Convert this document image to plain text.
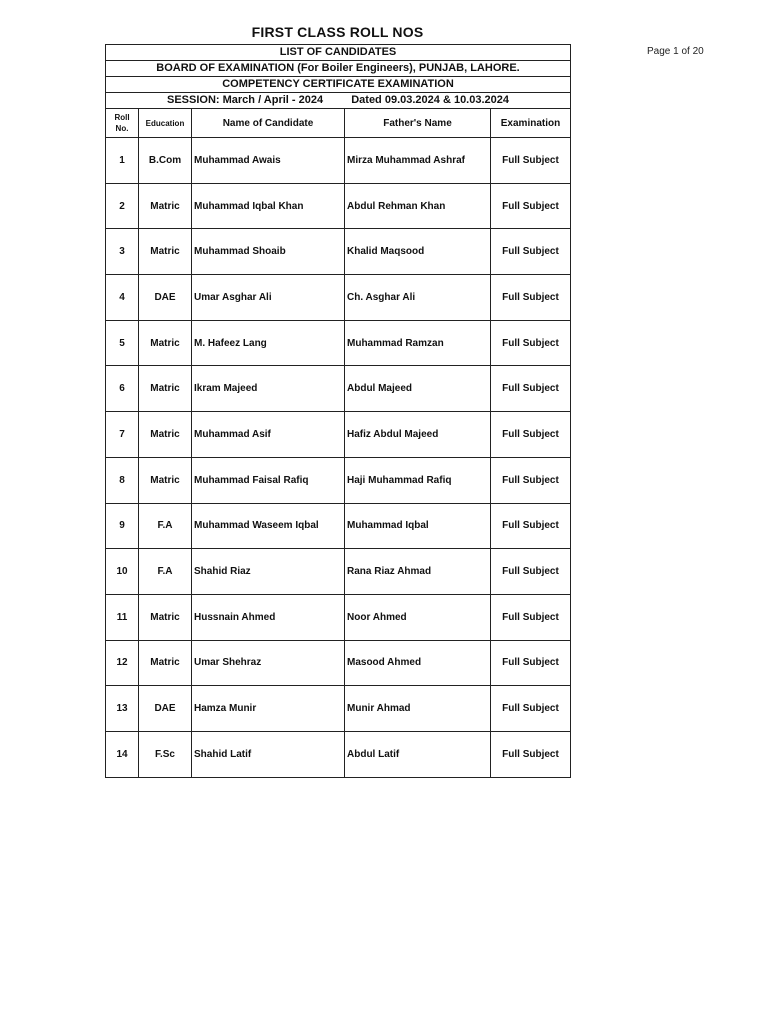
FIRST CLASS ROLL NOS
Page 1 of 20
LIST OF CANDIDATES				
BOARD OF EXAMINATION (For Boiler Engineers), PUNJAB, LAHORE.				
COMPETENCY CERTIFICATE EXAMINATION				
SESSION: March / April - 2024 Dated 09.03.2024 & 10.03.2024				
Roll No.	Education	Name of Candidate	Father's Name	Examination
1	B.Com	Muhammad Awais	Mirza Muhammad Ashraf	Full Subject
2	Matric	Muhammad Iqbal Khan	Abdul Rehman Khan	Full Subject
3	Matric	Muhammad Shoaib	Khalid Maqsood	Full Subject
4	DAE	Umar Asghar Ali	Ch. Asghar Ali	Full Subject
5	Matric	M. Hafeez Lang	Muhammad Ramzan	Full Subject
6	Matric	Ikram Majeed	Abdul Majeed	Full Subject
7	Matric	Muhammad Asif	Hafiz Abdul Majeed	Full Subject
8	Matric	Muhammad Faisal Rafiq	Haji Muhammad Rafiq	Full Subject
9	F.A	Muhammad Waseem Iqbal	Muhammad Iqbal	Full Subject
10	F.A	Shahid Riaz	Rana Riaz Ahmad	Full Subject
11	Matric	Hussnain Ahmed	Noor Ahmed	Full Subject
12	Matric	Umar Shehraz	Masood Ahmed	Full Subject
13	DAE	Hamza Munir	Munir Ahmad	Full Subject
14	F.Sc	Shahid Latif	Abdul Latif	Full Subject
